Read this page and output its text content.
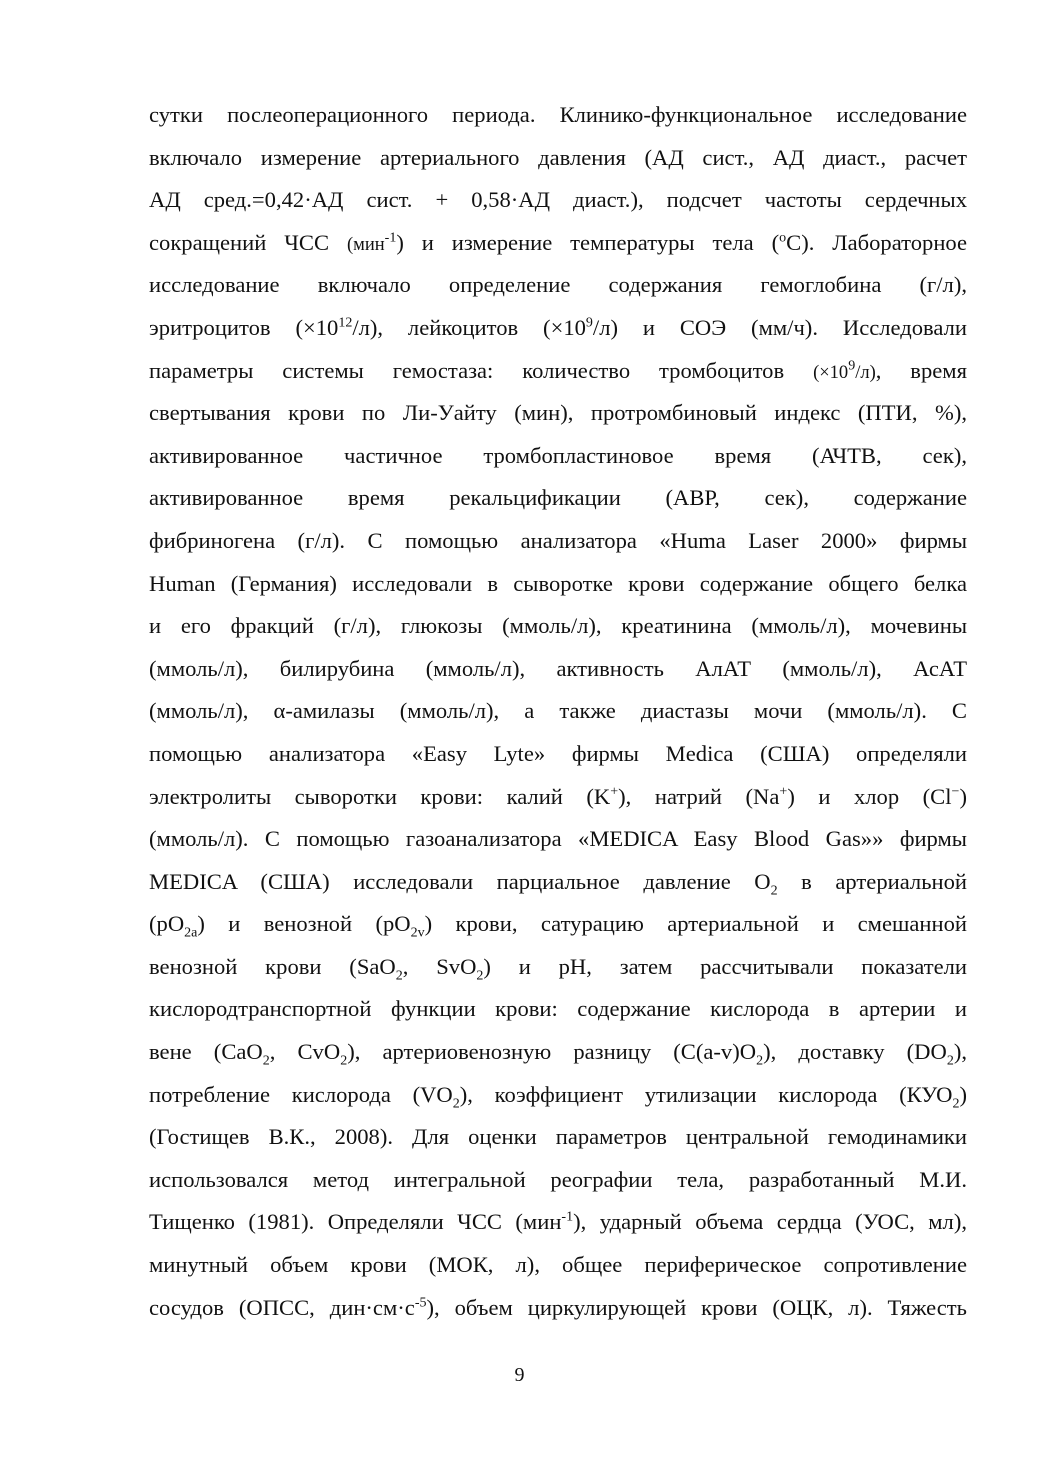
сутки послеоперационного периода. Клинико-функциональное исследование
включало измерение артериального давления (АД сист., АД диаст., расчет
АД сред.=0,42·АД сист. + 0,58·АД диаст.), подсчет частоты сердечных
сокращений ЧСС (мин$^{-1}$) и измерение температуры тела ($^o$С). Лабораторное
исследование включало определение содержания гемоглобина (г/л),
эритроцитов $(\times 10^{12}/л)$, лейкоцитов $(\times 10^9/л)$ и СОЭ (мм/ч). Исследовали
параметры системы гемостаза: количество тромбоцитов $(\times 10^9/л)$, время
свертывания крови по Ли-Уайту (мин), протромбиновый индекс (ПТИ, %),
активированное частичное тромбопластиновое время (АЧТВ, сек),
активированное время рекальцификации (АВР, сек), содержание
фибриногена (г/л). С помощью анализатора «Huma Laser 2000» фирмы
Human (Германия) исследовали в сыворотке крови содержание общего белка
и его фракций (г/л), глюкозы (ммоль/л), креатинина (ммоль/л), мочевины
(ммоль/л), билирубина (ммоль/л), активность АлАТ (ммоль/л), АсАТ
(ммоль/л), α-амилазы (ммоль/л), а также диастазы мочи (ммоль/л). С
помощью анализатора «Easy Lyte» фирмы Medica (США) определяли
электролиты сыворотки крови: калий (K+), натрий (Na+) и хлор (Cl−)
(ммоль/л). С помощью газоанализатора «MEDICA Easy Blood Gas»» фирмы
MEDICA (США) исследовали парциальное давление $O_2$ в артериальной
$(pO_{2a})$ и венозной $(pO_{2v})$ крови, сатурацию артериальной и смешанной
венозной крови (SaO$_2$, SvO$_2$) и pH, затем рассчитывали показатели
кислородтранспортной функции крови: содержание кислорода в артерии и
вене (CaO$_2$, CvO$_2$), артериовенозную разницу $(C(a-v)O_2)$, доставку $(DO_2)$,
потребление кислорода $(VO_2)$, коэффициент утилизации кислорода $(КУО_2)$
(Гостищев В.К., 2008). Для оценки параметров центральной гемодинамики
использовался метод интегральной реографии тела, разработанный М.И.
Тищенко (1981). Определяли ЧСС (мин$^{-1}$), ударный объема сердца (УОС, мл),
минутный объем крови (МОК, л), общее периферическое сопротивление
сосудов (ОПСС, $дин\cdot см\cdot с^{-5}$), объем циркулирующей крови (ОЦК, л). Тяжесть
9
